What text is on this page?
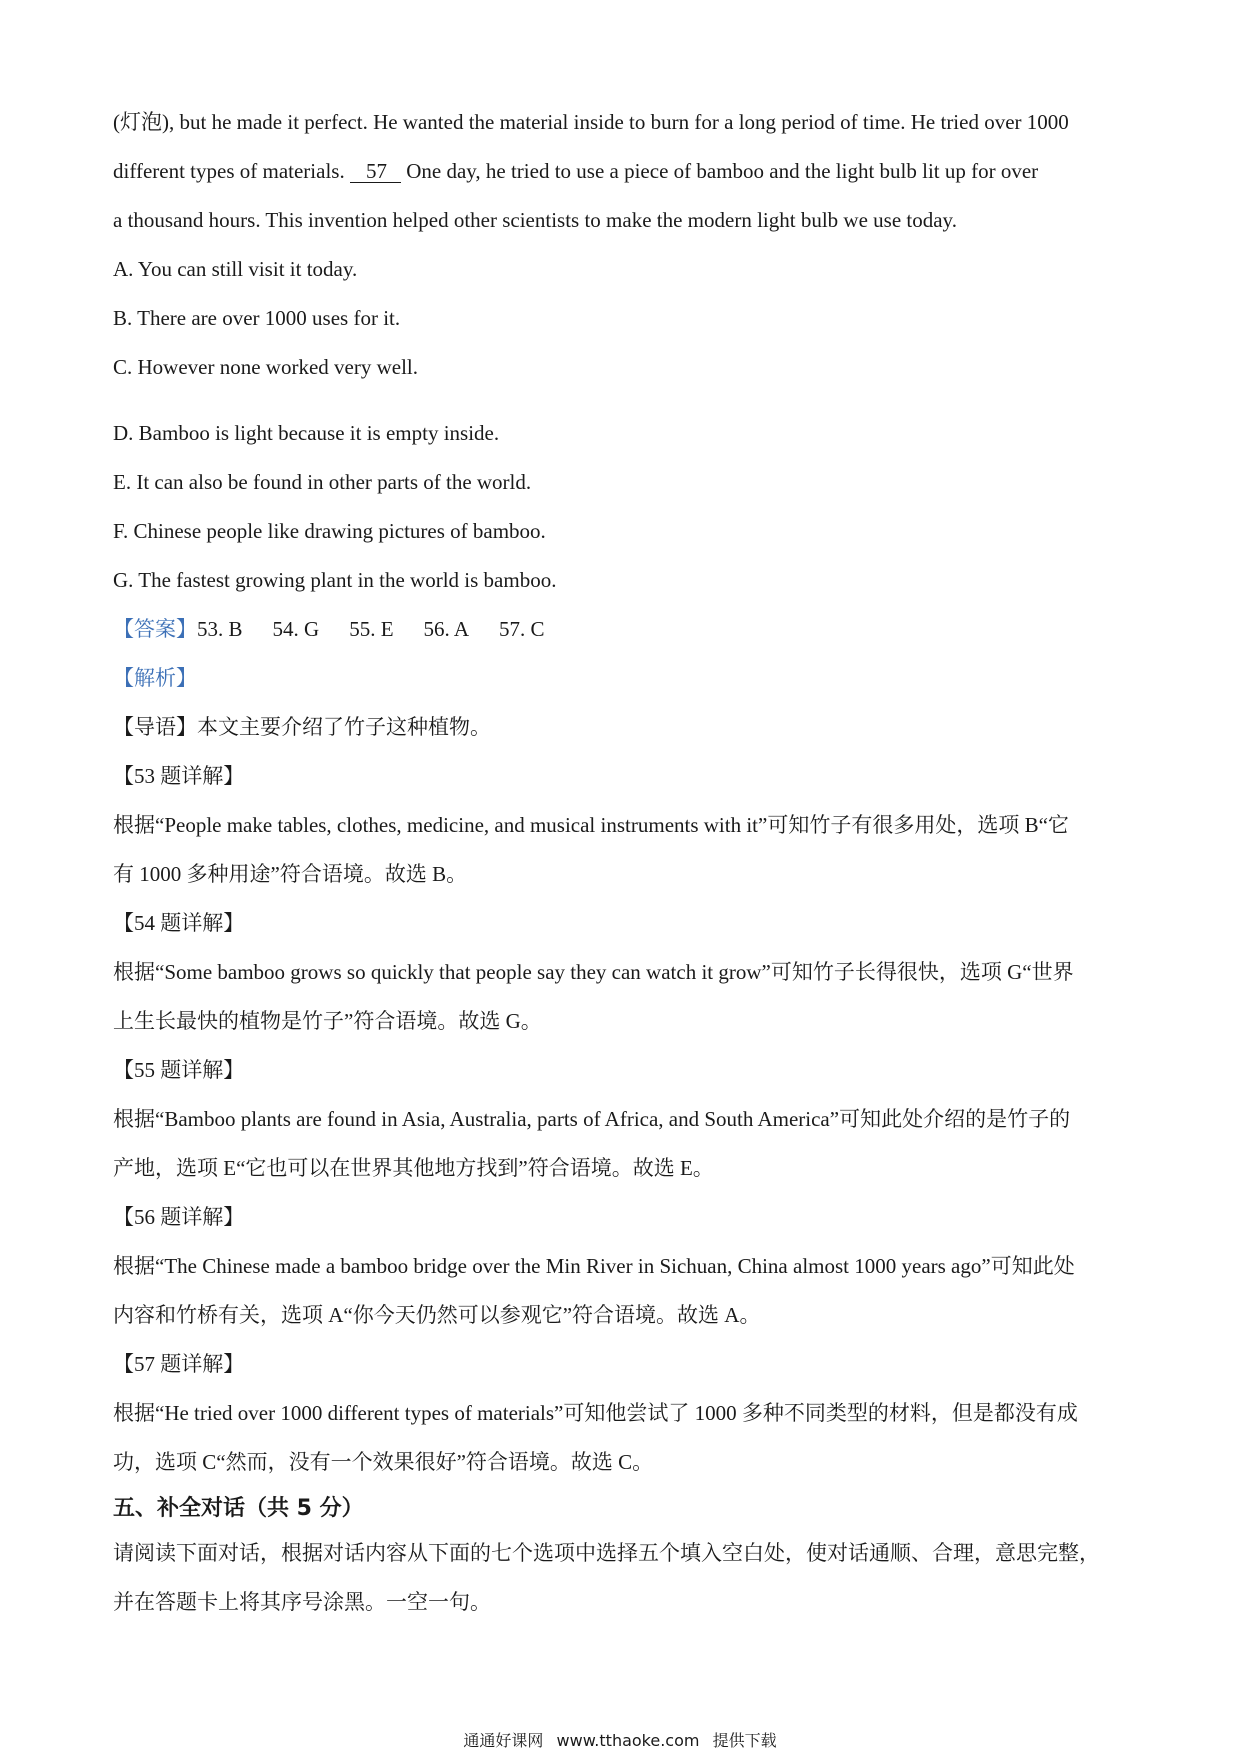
(灯泡), but he made it perfect. He wanted the material inside to burn for a long period of time. He tried over 1000
different types of materials. 57 One day, he tried to use a piece of bamboo and the light bulb lit up for over
a thousand hours. This invention helped other scientists to make the modern light bulb we use today.
A. You can still visit it today.
B. There are over 1000 uses for it.
C. However none worked very well.
D. Bamboo is light because it is empty inside.
E. It can also be found in other parts of the world.
F. Chinese people like drawing pictures of bamboo.
G. The fastest growing plant in the world is bamboo.
【答案】53. B 54. G 55. E 56. A 57. C
【解析】
【导语】本文主要介绍了竹子这种植物。
【53 题详解】
根据“People make tables, clothes, medicine, and musical instruments with it”可知竹子有很多用处，选项 B“它
有 1000 多种用途”符合语境。故选 B。
【54 题详解】
根据“Some bamboo grows so quickly that people say they can watch it grow”可知竹子长得很快，选项 G“世界
上生长最快的植物是竹子”符合语境。故选 G。
【55 题详解】
根据“Bamboo plants are found in Asia, Australia, parts of Africa, and South America”可知此处介绍的是竹子的
产地，选项 E“它也可以在世界其他地方找到”符合语境。故选 E。
【56 题详解】
根据“The Chinese made a bamboo bridge over the Min River in Sichuan, China almost 1000 years ago”可知此处
内容和竹桥有关，选项 A“你今天仍然可以参观它”符合语境。故选 A。
【57 题详解】
根据“He tried over 1000 different types of materials”可知他尝试了 1000 多种不同类型的材料，但是都没有成
功，选项 C“然而，没有一个效果很好”符合语境。故选 C。
五、补全对话（共 5 分）
请阅读下面对话，根据对话内容从下面的七个选项中选择五个填入空白处，使对话通顺、合理，意思完整，
并在答题卡上将其序号涂黑。一空一句。
通通好课网 www.tthaoke.com 提供下载
